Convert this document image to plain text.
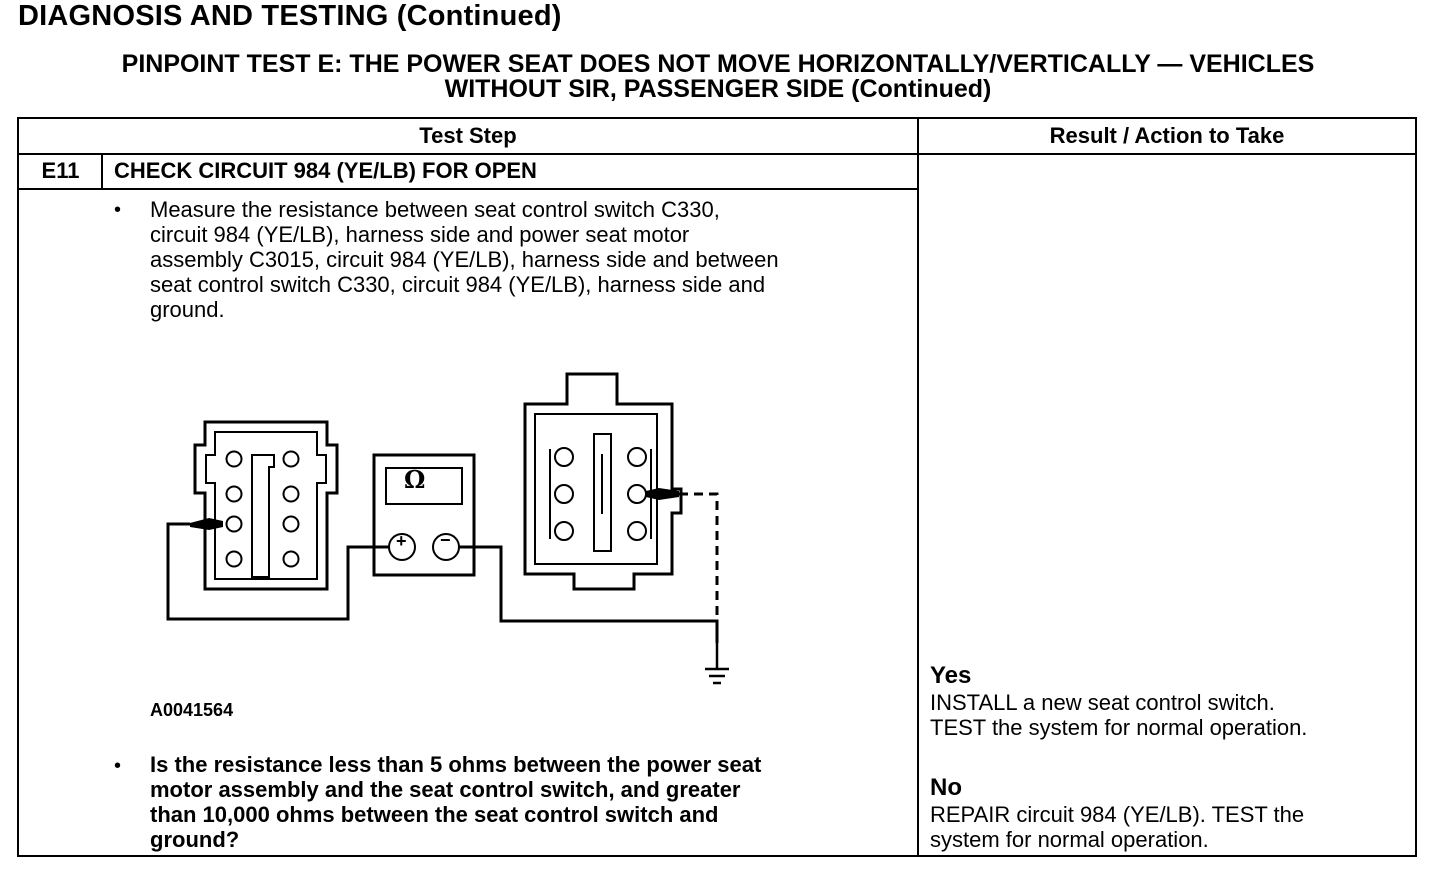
DIAGNOSIS AND TESTING (Continued)
PINPOINT TEST E: THE POWER SEAT DOES NOT MOVE HORIZONTALLY/VERTICALLY — VEHICLES
WITHOUT SIR, PASSENGER SIDE (Continued)
Test Step	Result / Action to Take
E11	CHECK CIRCUIT 984 (YE/LB) FOR OPEN
• Measure the resistance between seat control switch C330,
circuit 984 (YE/LB), harness side and power seat motor
assembly C3015, circuit 984 (YE/LB), harness side and between
seat control switch C330, circuit 984 (YE/LB), harness side and
ground.
Ω
+ −
A0041564
• Is the resistance less than 5 ohms between the power seat
motor assembly and the seat control switch, and greater
than 10,000 ohms between the seat control switch and
ground?
Yes
INSTALL a new seat control switch.
TEST the system for normal operation.
No
REPAIR circuit 984 (YE/LB). TEST the
system for normal operation.
